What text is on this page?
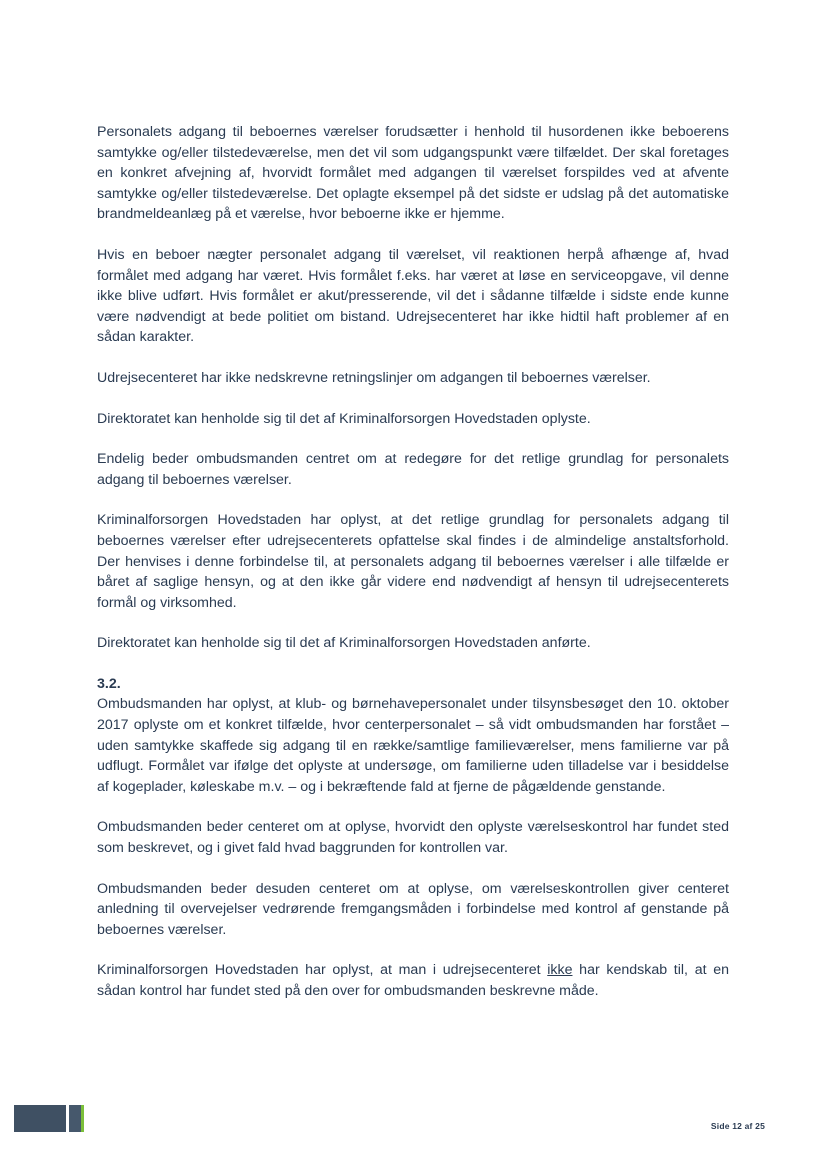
Personalets adgang til beboernes værelser forudsætter i henhold til husordenen ikke beboerens samtykke og/eller tilstedeværelse, men det vil som udgangspunkt være tilfældet. Der skal foretages en konkret afvejning af, hvorvidt formålet med adgangen til værelset forspildes ved at afvente samtykke og/eller tilstedeværelse. Det oplagte eksempel på det sidste er udslag på det automatiske brandmeldeanlæg på et værelse, hvor beboerne ikke er hjemme.

Hvis en beboer nægter personalet adgang til værelset, vil reaktionen herpå afhænge af, hvad formålet med adgang har været. Hvis formålet f.eks. har været at løse en serviceopgave, vil denne ikke blive udført. Hvis formålet er akut/presserende, vil det i sådanne tilfælde i sidste ende kunne være nødvendigt at bede politiet om bistand. Udrejsecenteret har ikke hidtil haft problemer af en sådan karakter.

Udrejsecenteret har ikke nedskrevne retningslinjer om adgangen til beboernes værelser.

Direktoratet kan henholde sig til det af Kriminalforsorgen Hovedstaden oplyste.

Endelig beder ombudsmanden centret om at redegøre for det retlige grundlag for personalets adgang til beboernes værelser.

Kriminalforsorgen Hovedstaden har oplyst, at det retlige grundlag for personalets adgang til beboernes værelser efter udrejsecenterets opfattelse skal findes i de almindelige anstaltsforhold. Der henvises i denne forbindelse til, at personalets adgang til beboernes værelser i alle tilfælde er båret af saglige hensyn, og at den ikke går videre end nødvendigt af hensyn til udrejsecenterets formål og virksomhed.

Direktoratet kan henholde sig til det af Kriminalforsorgen Hovedstaden anførte.

3.2.

Ombudsmanden har oplyst, at klub- og børnehavepersonalet under tilsynsbesøget den 10. oktober 2017 oplyste om et konkret tilfælde, hvor centerpersonalet – så vidt ombudsmanden har forstået – uden samtykke skaffede sig adgang til en række/samtlige familieværelser, mens familierne var på udflugt. Formålet var ifølge det oplyste at undersøge, om familierne uden tilladelse var i besiddelse af kogeplader, køleskabe m.v. – og i bekræftende fald at fjerne de pågældende genstande.

Ombudsmanden beder centeret om at oplyse, hvorvidt den oplyste værelseskontrol har fundet sted som beskrevet, og i givet fald hvad baggrunden for kontrollen var.

Ombudsmanden beder desuden centeret om at oplyse, om værelseskontrollen giver centeret anledning til overvejelser vedrørende fremgangsmåden i forbindelse med kontrol af genstande på beboernes værelser.

Kriminalforsorgen Hovedstaden har oplyst, at man i udrejsecenteret ikke har kendskab til, at en sådan kontrol har fundet sted på den over for ombudsmanden beskrevne måde.

Side 12 af 25
